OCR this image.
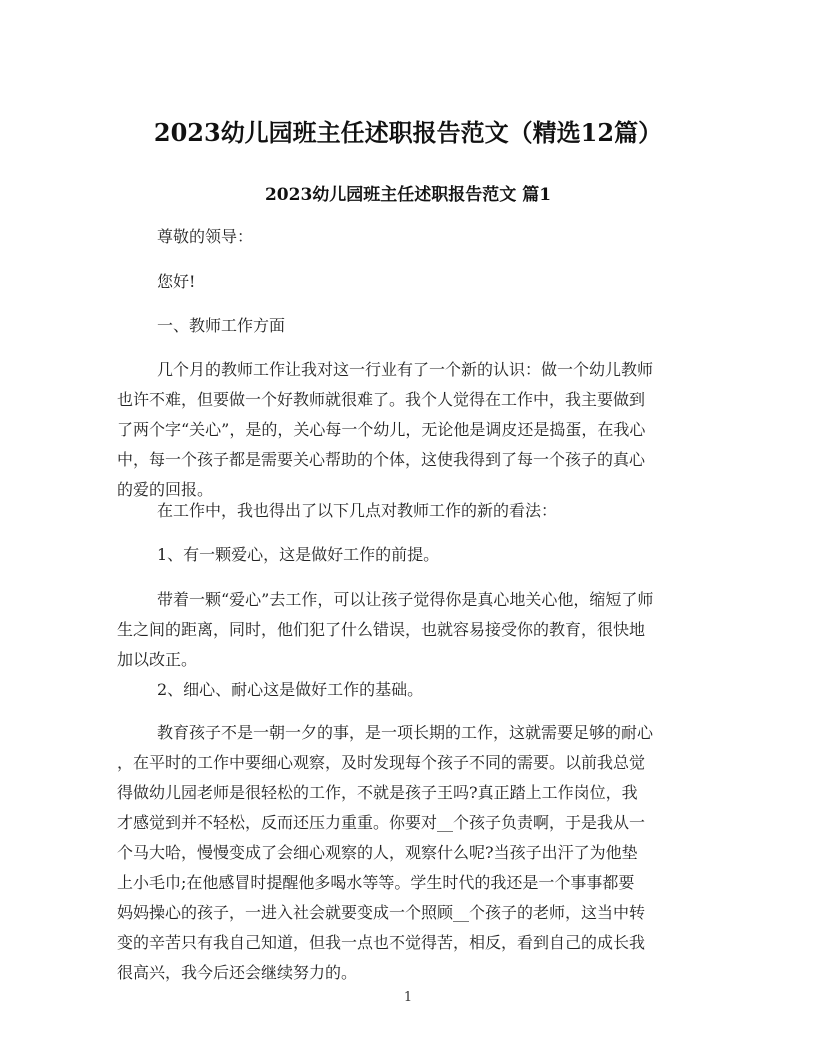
2023幼儿园班主任述职报告范文（精选12篇）
2023幼儿园班主任述职报告范文 篇1

尊敬的领导：

您好!

一、教师工作方面

几个月的教师工作让我对这一行业有了一个新的认识：做一个幼儿教师
也许不难，但要做一个好教师就很难了。我个人觉得在工作中，我主要做到
了两个字“关心”，是的，关心每一个幼儿，无论他是调皮还是捣蛋，在我心
中，每一个孩子都是需要关心帮助的个体，这使我得到了每一个孩子的真心
的爱的回报。

在工作中，我也得出了以下几点对教师工作的新的看法：

1、有一颗爱心，这是做好工作的前提。

带着一颗“爱心”去工作，可以让孩子觉得你是真心地关心他，缩短了师
生之间的距离，同时，他们犯了什么错误，也就容易接受你的教育，很快地
加以改正。

2、细心、耐心这是做好工作的基础。

教育孩子不是一朝一夕的事，是一项长期的工作，这就需要足够的耐心
，在平时的工作中要细心观察，及时发现每个孩子不同的需要。以前我总觉
得做幼儿园老师是很轻松的工作，不就是孩子王吗?真正踏上工作岗位，我
才感觉到并不轻松，反而还压力重重。你要对__个孩子负责啊，于是我从一
个马大哈，慢慢变成了会细心观察的人，观察什么呢?当孩子出汗了为他垫
上小毛巾;在他感冒时提醒他多喝水等等。学生时代的我还是一个事事都要
妈妈操心的孩子，一进入社会就要变成一个照顾__个孩子的老师，这当中转
变的辛苦只有我自己知道，但我一点也不觉得苦，相反，看到自己的成长我
很高兴，我今后还会继续努力的。
1
